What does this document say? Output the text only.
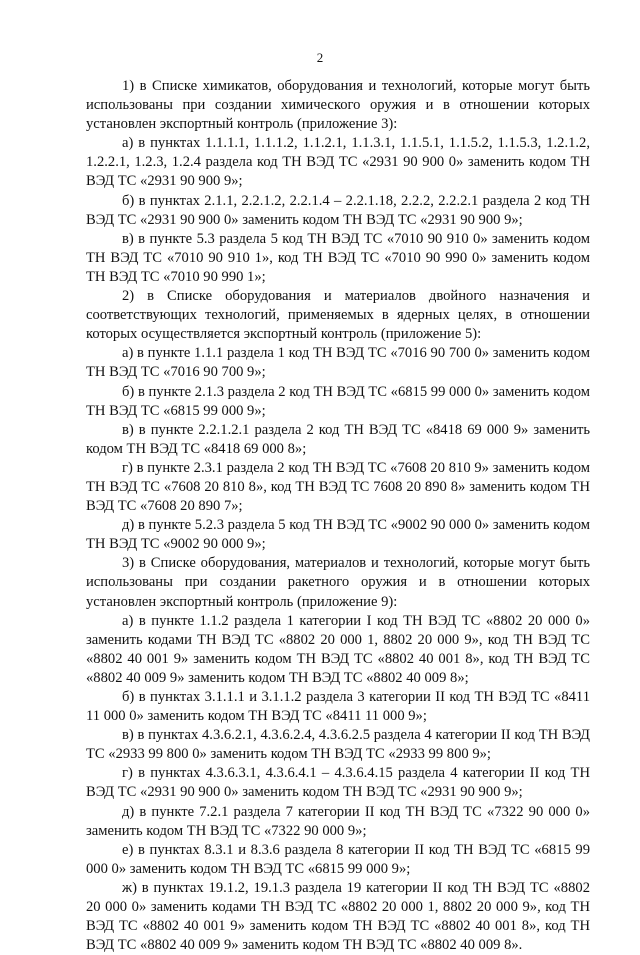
2

1) в Списке химикатов, оборудования и технологий, которые могут быть использованы при создании химического оружия и в отношении которых установлен экспортный контроль (приложение 3):

а) в пунктах 1.1.1.1, 1.1.1.2, 1.1.2.1, 1.1.3.1, 1.1.5.1, 1.1.5.2, 1.1.5.3, 1.2.1.2, 1.2.2.1, 1.2.3, 1.2.4 раздела код ТН ВЭД ТС «2931 90 900 0» заменить кодом ТН ВЭД ТС «2931 90 900 9»;

б) в пунктах 2.1.1, 2.2.1.2, 2.2.1.4 – 2.2.1.18, 2.2.2, 2.2.2.1 раздела 2 код ТН ВЭД ТС «2931 90 900 0» заменить кодом ТН ВЭД ТС «2931 90 900 9»;

в) в пункте 5.3 раздела 5 код ТН ВЭД ТС «7010 90 910 0» заменить кодом ТН ВЭД ТС «7010 90 910 1», код ТН ВЭД ТС «7010 90 990 0» заменить кодом ТН ВЭД ТС «7010 90 990 1»;

2) в Списке оборудования и материалов двойного назначения и соответствующих технологий, применяемых в ядерных целях, в отношении которых осуществляется экспортный контроль (приложение 5):

а) в пункте 1.1.1 раздела 1 код ТН ВЭД ТС «7016 90 700 0» заменить кодом ТН ВЭД ТС «7016 90 700 9»;

б) в пункте 2.1.3 раздела 2 код ТН ВЭД ТС «6815 99 000 0» заменить кодом ТН ВЭД ТС «6815 99 000 9»;

в) в пункте 2.2.1.2.1 раздела 2 код ТН ВЭД ТС «8418 69 000 9» заменить кодом ТН ВЭД ТС «8418 69 000 8»;

г) в пункте 2.3.1 раздела 2 код ТН ВЭД ТС «7608 20 810 9» заменить кодом ТН ВЭД ТС «7608 20 810 8», код ТН ВЭД ТС 7608 20 890 8» заменить кодом ТН ВЭД ТС «7608 20 890 7»;

д) в пункте 5.2.3 раздела 5 код ТН ВЭД ТС «9002 90 000 0» заменить кодом ТН ВЭД ТС «9002 90 000 9»;

3) в Списке оборудования, материалов и технологий, которые могут быть использованы при создании ракетного оружия и в отношении которых установлен экспортный контроль (приложение 9):

а) в пункте 1.1.2 раздела 1 категории I код ТН ВЭД ТС «8802 20 000 0» заменить кодами ТН ВЭД ТС «8802 20 000 1, 8802 20 000 9», код ТН ВЭД ТС «8802 40 001 9» заменить кодом ТН ВЭД ТС «8802 40 001 8», код ТН ВЭД ТС «8802 40 009 9» заменить кодом ТН ВЭД ТС «8802 40 009 8»;

б) в пунктах 3.1.1.1 и 3.1.1.2 раздела 3 категории II код ТН ВЭД ТС «8411 11 000 0» заменить кодом ТН ВЭД ТС «8411 11 000 9»;

в) в пунктах 4.3.6.2.1, 4.3.6.2.4, 4.3.6.2.5 раздела 4 категории II код ТН ВЭД ТС «2933 99 800 0» заменить кодом ТН ВЭД ТС «2933 99 800 9»;

г) в пунктах 4.3.6.3.1, 4.3.6.4.1 – 4.3.6.4.15 раздела 4 категории II код ТН ВЭД ТС «2931 90 900 0» заменить кодом ТН ВЭД ТС «2931 90 900 9»;

д) в пункте 7.2.1 раздела 7 категории II код ТН ВЭД ТС «7322 90 000 0» заменить кодом ТН ВЭД ТС «7322 90 000 9»;

е) в пунктах 8.3.1 и 8.3.6 раздела 8 категории II код ТН ВЭД ТС «6815 99 000 0» заменить кодом ТН ВЭД ТС «6815 99 000 9»;

ж) в пунктах 19.1.2, 19.1.3 раздела 19 категории II код ТН ВЭД ТС «8802 20 000 0» заменить кодами ТН ВЭД ТС «8802 20 000 1, 8802 20 000 9», код ТН ВЭД ТС «8802 40 001 9» заменить кодом ТН ВЭД ТС «8802 40 001 8», код ТН ВЭД ТС «8802 40 009 9» заменить кодом ТН ВЭД ТС «8802 40 009 8».
